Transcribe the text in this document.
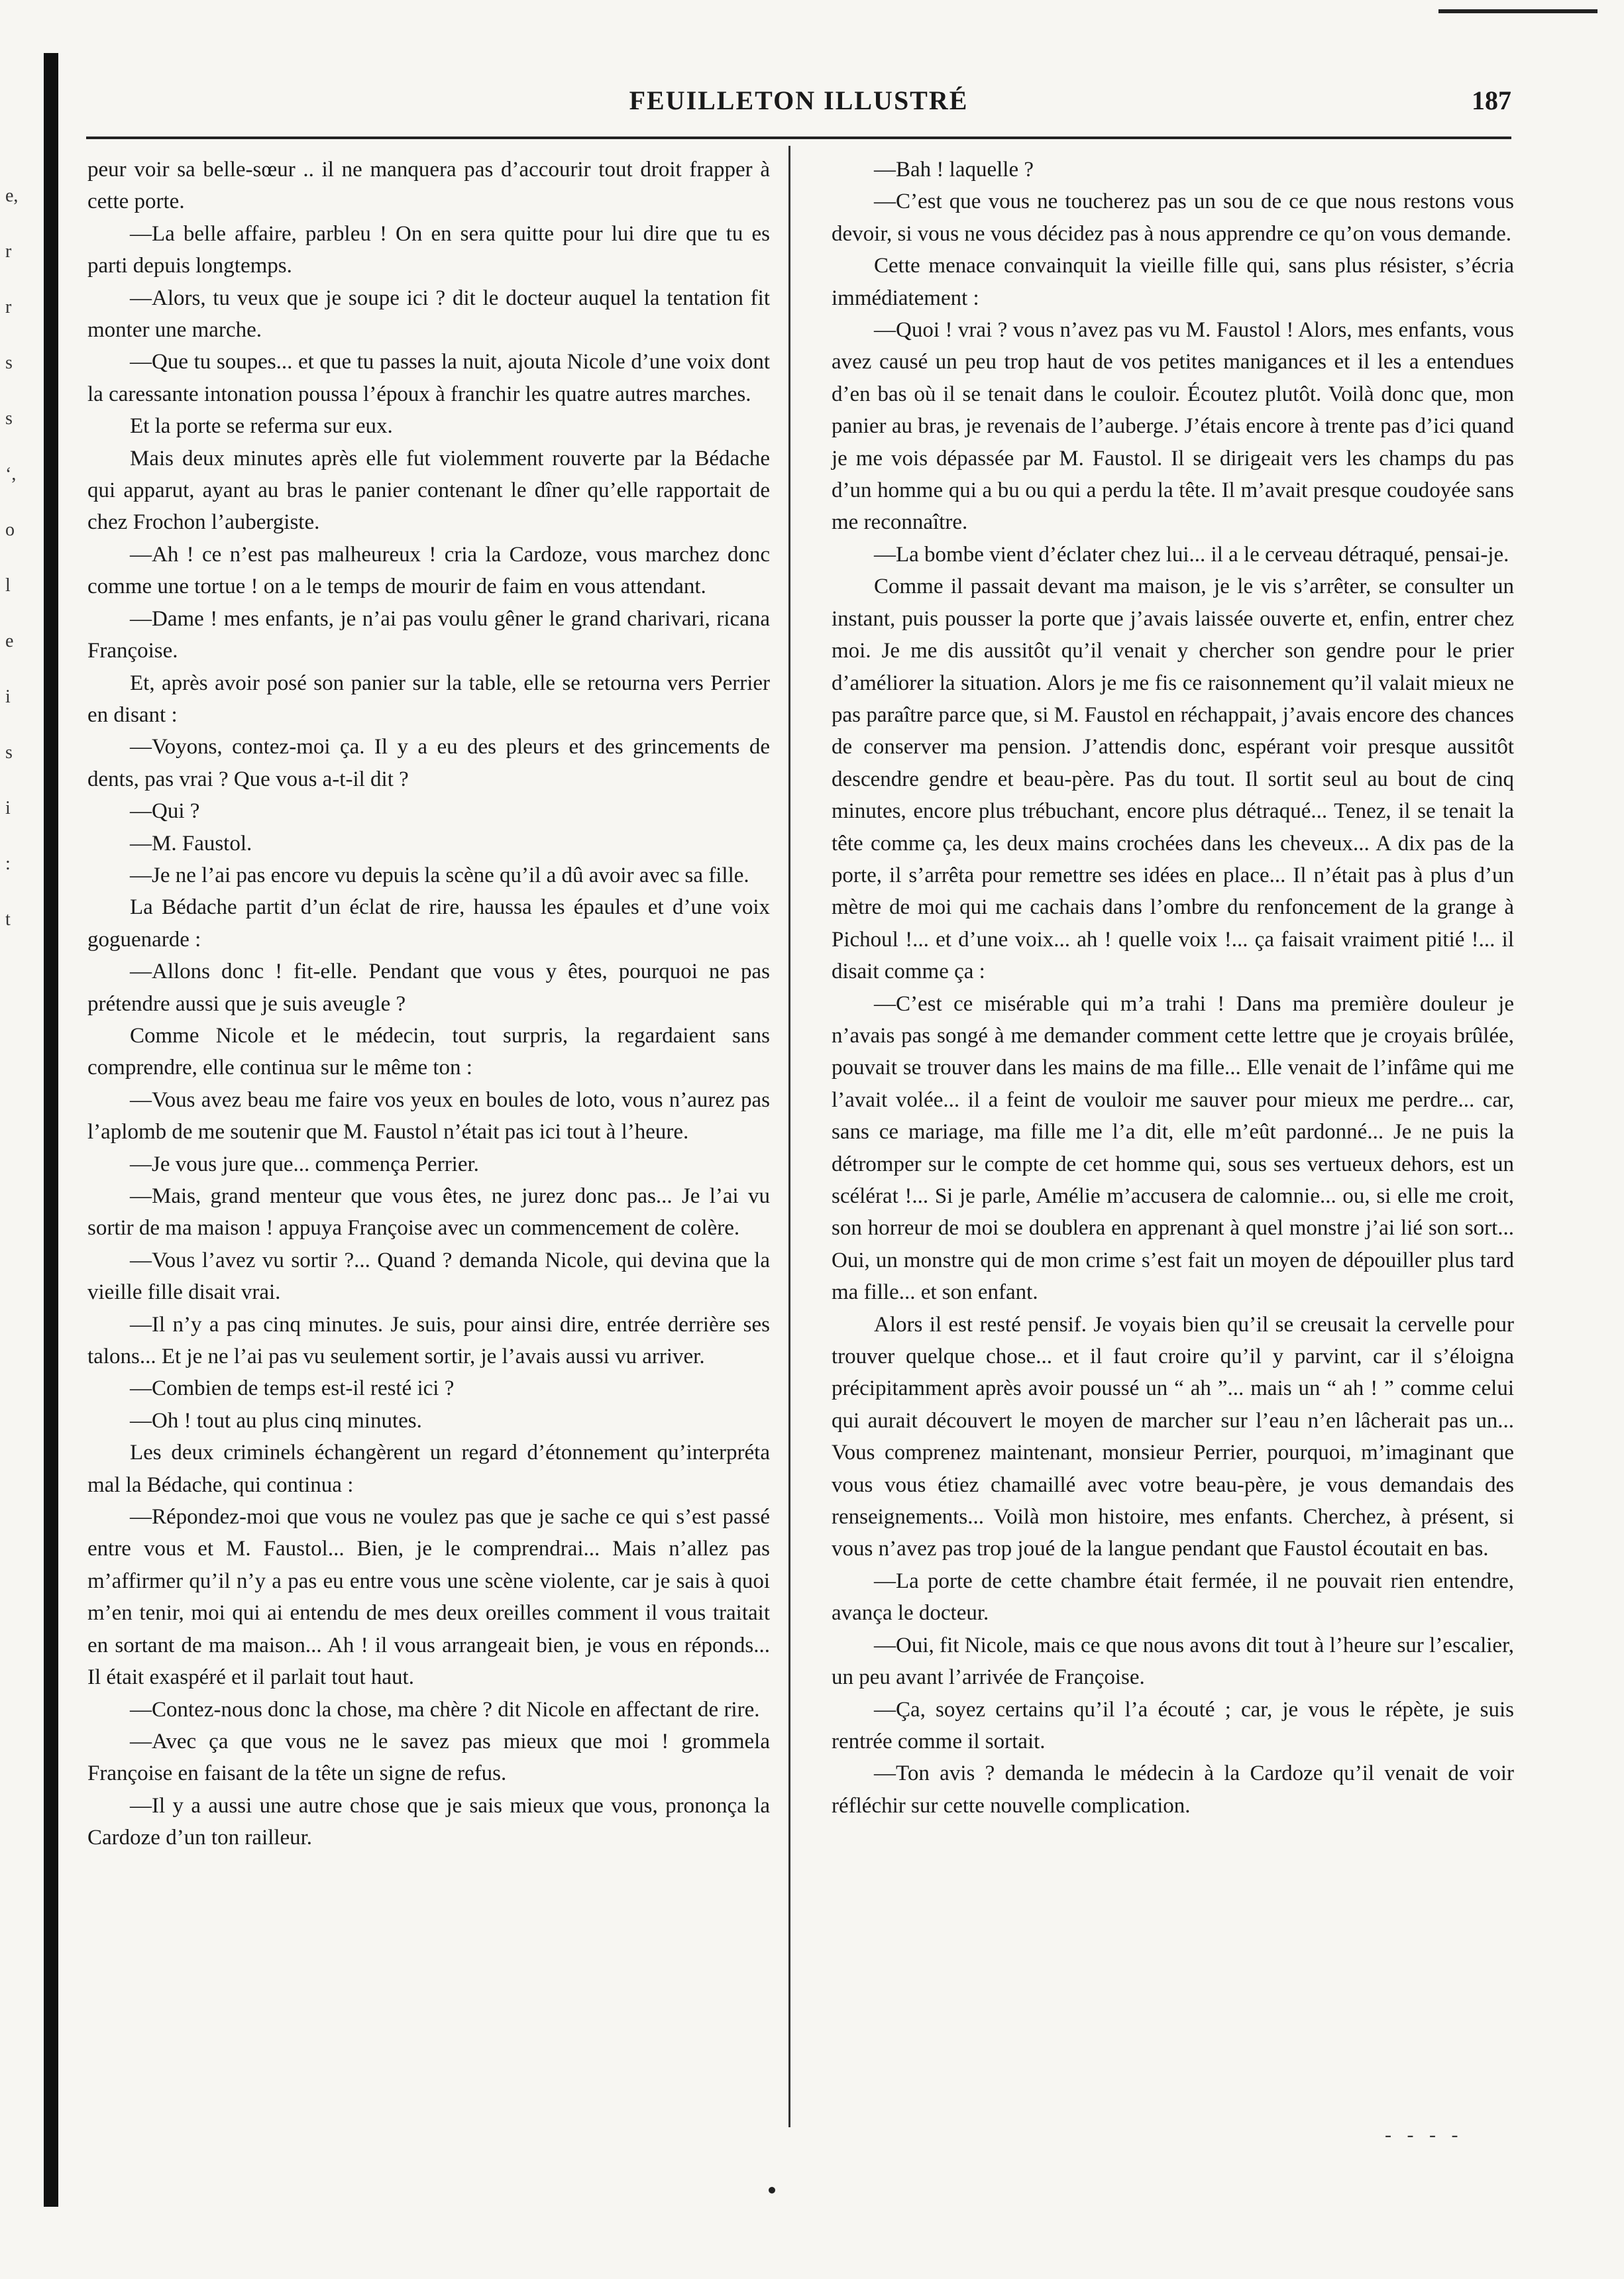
e,
r
r
s
s
‘,
o
l
e
i
s
i
:
t
FEUILLETON ILLUSTRÉ	187

peur voir sa belle-sœur .. il ne manquera pas d’accourir tout droit frapper à cette porte.

—La belle affaire, parbleu ! On en sera quitte pour lui dire que tu es parti depuis longtemps.

—Alors, tu veux que je soupe ici ? dit le docteur auquel la tentation fit monter une marche.

—Que tu soupes... et que tu passes la nuit, ajouta Nicole d’une voix dont la caressante intonation poussa l’époux à franchir les quatre autres marches.

Et la porte se referma sur eux.

Mais deux minutes après elle fut violemment rouverte par la Bédache qui apparut, ayant au bras le panier contenant le dîner qu’elle rapportait de chez Frochon l’aubergiste.

—Ah ! ce n’est pas malheureux ! cria la Cardoze, vous marchez donc comme une tortue ! on a le temps de mourir de faim en vous attendant.

—Dame ! mes enfants, je n’ai pas voulu gêner le grand charivari, ricana Françoise.

Et, après avoir posé son panier sur la table, elle se retourna vers Perrier en disant :

—Voyons, contez-moi ça. Il y a eu des pleurs et des grincements de dents, pas vrai ? Que vous a-t-il dit ?

—Qui ?

—M. Faustol.

—Je ne l’ai pas encore vu depuis la scène qu’il a dû avoir avec sa fille.

La Bédache partit d’un éclat de rire, haussa les épaules et d’une voix goguenarde :

—Allons donc ! fit-elle. Pendant que vous y êtes, pourquoi ne pas prétendre aussi que je suis aveugle ?

Comme Nicole et le médecin, tout surpris, la regardaient sans comprendre, elle continua sur le même ton :

—Vous avez beau me faire vos yeux en boules de loto, vous n’aurez pas l’aplomb de me soutenir que M. Faustol n’était pas ici tout à l’heure.

—Je vous jure que... commença Perrier.

—Mais, grand menteur que vous êtes, ne jurez donc pas... Je l’ai vu sortir de ma maison ! appuya Françoise avec un commencement de colère.

—Vous l’avez vu sortir ?... Quand ? demanda Nicole, qui devina que la vieille fille disait vrai.

—Il n’y a pas cinq minutes. Je suis, pour ainsi dire, entrée derrière ses talons... Et je ne l’ai pas vu seulement sortir, je l’avais aussi vu arriver.

—Combien de temps est-il resté ici ?

—Oh ! tout au plus cinq minutes.

Les deux criminels échangèrent un regard d’étonnement qu’interpréta mal la Bédache, qui continua :

—Répondez-moi que vous ne voulez pas que je sache ce qui s’est passé entre vous et M. Faustol... Bien, je le comprendrai... Mais n’allez pas m’affirmer qu’il n’y a pas eu entre vous une scène violente, car je sais à quoi m’en tenir, moi qui ai entendu de mes deux oreilles comment il vous traitait en sortant de ma maison... Ah ! il vous arrangeait bien, je vous en réponds... Il était exaspéré et il parlait tout haut.

—Contez-nous donc la chose, ma chère ? dit Nicole en affectant de rire.

—Avec ça que vous ne le savez pas mieux que moi ! grommela Françoise en faisant de la tête un signe de refus.

—Il y a aussi une autre chose que je sais mieux que vous, prononça la Cardoze d’un ton railleur.

—Bah ! laquelle ?

—C’est que vous ne toucherez pas un sou de ce que nous restons vous devoir, si vous ne vous décidez pas à nous apprendre ce qu’on vous demande.

Cette menace convainquit la vieille fille qui, sans plus résister, s’écria immédiatement :

—Quoi ! vrai ? vous n’avez pas vu M. Faustol ! Alors, mes enfants, vous avez causé un peu trop haut de vos petites manigances et il les a entendues d’en bas où il se tenait dans le couloir. Écoutez plutôt. Voilà donc que, mon panier au bras, je revenais de l’auberge. J’étais encore à trente pas d’ici quand je me vois dépassée par M. Faustol. Il se dirigeait vers les champs du pas d’un homme qui a bu ou qui a perdu la tête. Il m’avait presque coudoyée sans me reconnaître.

—La bombe vient d’éclater chez lui... il a le cerveau détraqué, pensai-je.

Comme il passait devant ma maison, je le vis s’arrêter, se consulter un instant, puis pousser la porte que j’avais laissée ouverte et, enfin, entrer chez moi. Je me dis aussitôt qu’il venait y chercher son gendre pour le prier d’améliorer la situation. Alors je me fis ce raisonnement qu’il valait mieux ne pas paraître parce que, si M. Faustol en réchappait, j’avais encore des chances de conserver ma pension. J’attendis donc, espérant voir presque aussitôt descendre gendre et beau-père. Pas du tout. Il sortit seul au bout de cinq minutes, encore plus trébuchant, encore plus détraqué... Tenez, il se tenait la tête comme ça, les deux mains crochées dans les cheveux... A dix pas de la porte, il s’arrêta pour remettre ses idées en place... Il n’était pas à plus d’un mètre de moi qui me cachais dans l’ombre du renfoncement de la grange à Pichoul !... et d’une voix... ah ! quelle voix !... ça faisait vraiment pitié !... il disait comme ça :

—C’est ce misérable qui m’a trahi ! Dans ma première douleur je n’avais pas songé à me demander comment cette lettre que je croyais brûlée, pouvait se trouver dans les mains de ma fille... Elle venait de l’infâme qui me l’avait volée... il a feint de vouloir me sauver pour mieux me perdre... car, sans ce mariage, ma fille me l’a dit, elle m’eût pardonné... Je ne puis la détromper sur le compte de cet homme qui, sous ses vertueux dehors, est un scélérat !... Si je parle, Amélie m’accusera de calomnie... ou, si elle me croit, son horreur de moi se doublera en apprenant à quel monstre j’ai lié son sort... Oui, un monstre qui de mon crime s’est fait un moyen de dépouiller plus tard ma fille... et son enfant.

Alors il est resté pensif. Je voyais bien qu’il se creusait la cervelle pour trouver quelque chose... et il faut croire qu’il y parvint, car il s’éloigna précipitamment après avoir poussé un “ ah ”... mais un “ ah ! ” comme celui qui aurait découvert le moyen de marcher sur l’eau n’en lâcherait pas un... Vous comprenez maintenant, monsieur Perrier, pourquoi, m’imaginant que vous vous étiez chamaillé avec votre beau-père, je vous demandais des renseignements... Voilà mon histoire, mes enfants. Cherchez, à présent, si vous n’avez pas trop joué de la langue pendant que Faustol écoutait en bas.

—La porte de cette chambre était fermée, il ne pouvait rien entendre, avança le docteur.

—Oui, fit Nicole, mais ce que nous avons dit tout à l’heure sur l’escalier, un peu avant l’arrivée de Françoise.

—Ça, soyez certains qu’il l’a écouté ; car, je vous le répète, je suis rentrée comme il sortait.

—Ton avis ? demanda le médecin à la Cardoze qu’il venait de voir réfléchir sur cette nouvelle complication.

- - - -
